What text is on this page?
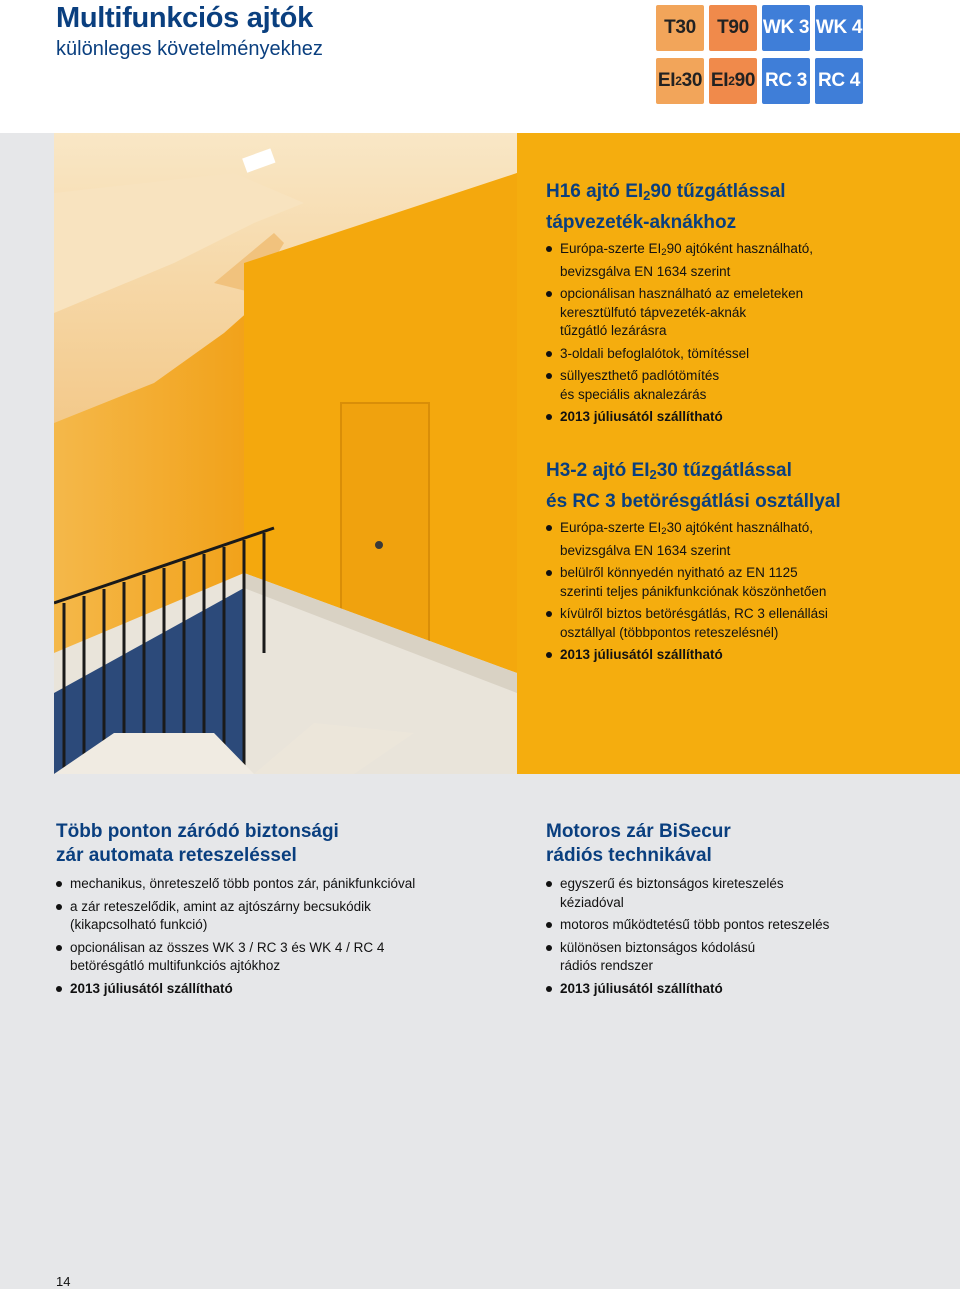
Multifunkciós ajtók
különleges követelményekhez
T30 T90 WK 3 WK 4
EI 2 30 EI 2 90 RC 3 RC 4
H16 ajtó $EI_290$ tűzgátlással
tápvezeték-aknákhoz
Európa-szerte $EI_290$ ajtóként használható,
bevizsgálva EN 1634 szerint
opcionálisan használható az emeleteken
keresztülfutó tápvezeték-aknák
tűzgátló lezárásra
3-oldali befoglalótok, tömítéssel
süllyeszthető padlótömítés
és speciális aknalezárás
2013 júliusától szállítható
H3-2 ajtó $EI_230$ tűzgátlással
és RC 3 betörésgátlási osztállyal
Európa-szerte $EI_230$ ajtóként használható,
bevizsgálva EN 1634 szerint
belülről könnyedén nyitható az EN 1125
szerinti teljes pánikfunkciónak köszönhetően
kívülről biztos betörésgátlás, RC 3 ellenállási
osztállyal (többpontos reteszelésnél)
2013 júliusától szállítható
Több ponton záródó biztonsági
zár automata reteszeléssel
mechanikus, önreteszelő több pontos zár, pánikfunkcióval
a zár reteszelődik, amint az ajtószárny becsukódik
(kikapcsolható funkció)
opcionálisan az összes WK 3 / RC 3 és WK 4 / RC 4
betörésgátló multifunkciós ajtókhoz
2013 júliusától szállítható
Motoros zár BiSecur
rádiós technikával
egyszerű és biztonságos kireteszelés
kéziadóval
motoros működtetésű több pontos reteszelés
különösen biztonságos kódolású
rádiós rendszer
2013 júliusától szállítható
14
